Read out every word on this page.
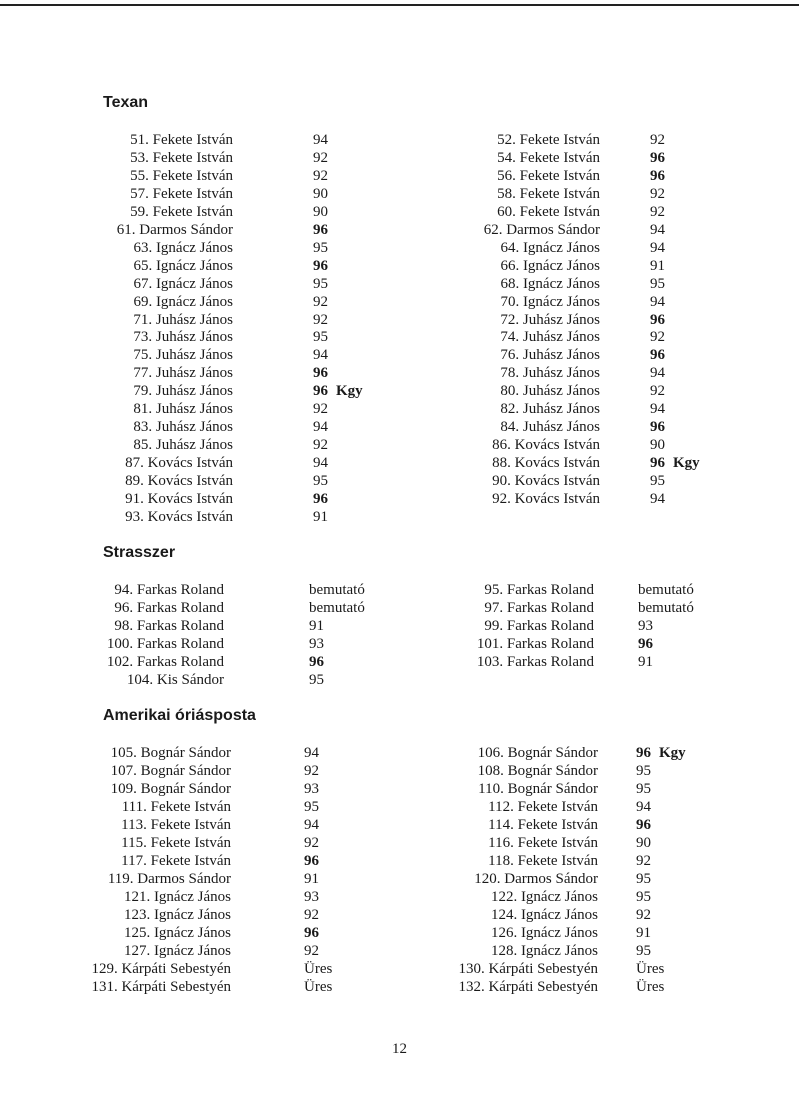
Texan
51. Fekete István	94
53. Fekete István	92
55. Fekete István	92
57. Fekete István	90
59. Fekete István	90
61. Darmos Sándor	96
63. Ignácz János	95
65. Ignácz János	96
67. Ignácz János	95
69. Ignácz János	92
71. Juhász János	92
73. Juhász János	95
75. Juhász János	94
77. Juhász János	96
79. Juhász János	96 Kgy
81. Juhász János	92
83. Juhász János	94
85. Juhász János	92
87. Kovács István	94
89. Kovács István	95
91. Kovács István	96
93. Kovács István	91
52. Fekete István	92
54. Fekete István	96
56. Fekete István	96
58. Fekete István	92
60. Fekete István	92
62. Darmos Sándor	94
64. Ignácz János	94
66. Ignácz János	91
68. Ignácz János	95
70. Ignácz János	94
72. Juhász János	96
74. Juhász János	92
76. Juhász János	96
78. Juhász János	94
80. Juhász János	92
82. Juhász János	94
84. Juhász János	96
86. Kovács István	90
88. Kovács István	96 Kgy
90. Kovács István	95
92. Kovács István	94
Strasszer
94. Farkas Roland	bemutató
96. Farkas Roland	bemutató
98. Farkas Roland	91
100. Farkas Roland	93
102. Farkas Roland	96
104. Kis Sándor	95
95. Farkas Roland	bemutató
97. Farkas Roland	bemutató
99. Farkas Roland	93
101. Farkas Roland	96
103. Farkas Roland	91
Amerikai óriásposta
105. Bognár Sándor	94
107. Bognár Sándor	92
109. Bognár Sándor	93
111. Fekete István	95
113. Fekete István	94
115. Fekete István	92
117. Fekete István	96
119. Darmos Sándor	91
121. Ignácz János	93
123. Ignácz János	92
125. Ignácz János	96
127. Ignácz János	92
129. Kárpáti Sebestyén	Üres
131. Kárpáti Sebestyén	Üres
106. Bognár Sándor	96 Kgy
108. Bognár Sándor	95
110. Bognár Sándor	95
112. Fekete István	94
114. Fekete István	96
116. Fekete István	90
118. Fekete István	92
120. Darmos Sándor	95
122. Ignácz János	95
124. Ignácz János	92
126. Ignácz János	91
128. Ignácz János	95
130. Kárpáti Sebestyén	Üres
132. Kárpáti Sebestyén	Üres
12
